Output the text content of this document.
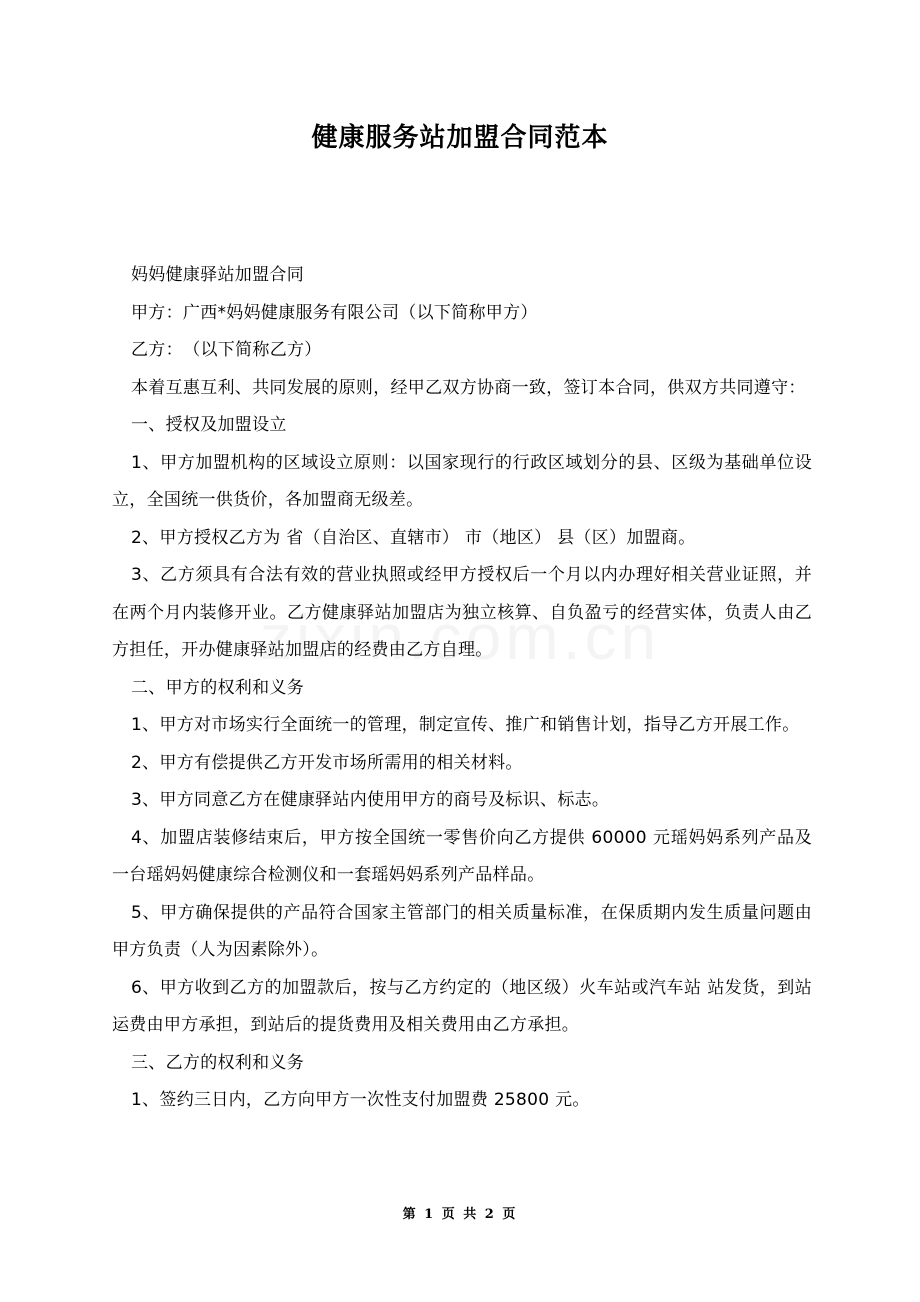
健康服务站加盟合同范本

妈妈健康驿站加盟合同

甲方：广西*妈妈健康服务有限公司（以下简称甲方）

乙方：　（以下简称乙方）

本着互惠互利、共同发展的原则，经甲乙双方协商一致，签订本合同，供双方共同遵守：

一、授权及加盟设立

1、甲方加盟机构的区域设立原则：以国家现行的行政区域划分的县、区级为基础单位设立，全国统一供货价，各加盟商无级差。

2、甲方授权乙方为 省（自治区、直辖市） 市（地区） 县（区）加盟商。

3、乙方须具有合法有效的营业执照或经甲方授权后一个月以内办理好相关营业证照，并在两个月内装修开业。乙方健康驿站加盟店为独立核算、自负盈亏的经营实体，负责人由乙方担任，开办健康驿站加盟店的经费由乙方自理。

二、甲方的权利和义务

1、甲方对市场实行全面统一的管理，制定宣传、推广和销售计划，指导乙方开展工作。

2、甲方有偿提供乙方开发市场所需用的相关材料。

3、甲方同意乙方在健康驿站内使用甲方的商号及标识、标志。

4、加盟店装修结束后，甲方按全国统一零售价向乙方提供 60000 元瑶妈妈系列产品及一台瑶妈妈健康综合检测仪和一套瑶妈妈系列产品样品。

5、甲方确保提供的产品符合国家主管部门的相关质量标准，在保质期内发生质量问题由甲方负责（人为因素除外）。

6、甲方收到乙方的加盟款后，按与乙方约定的（地区级）火车站或汽车站 站发货，到站运费由甲方承担，到站后的提货费用及相关费用由乙方承担。

三、乙方的权利和义务

1、签约三日内，乙方向甲方一次性支付加盟费 25800 元。

第 1 页 共 2 页
